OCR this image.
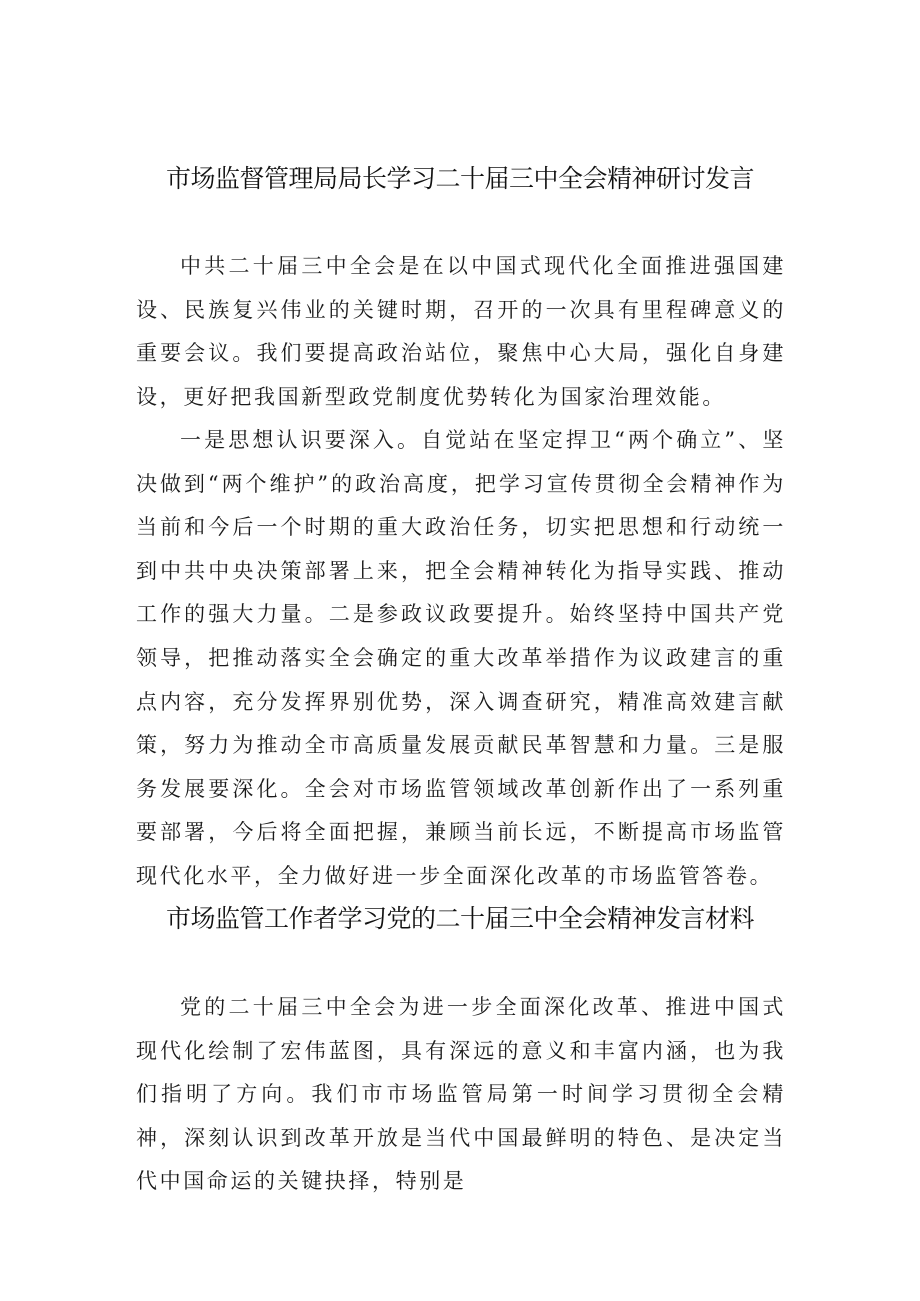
市场监督管理局局长学习二十届三中全会精神研讨发言

中共二十届三中全会是在以中国式现代化全面推进强国建设、民族复兴伟业的关键时期，召开的一次具有里程碑意义的重要会议。我们要提高政治站位，聚焦中心大局，强化自身建设，更好把我国新型政党制度优势转化为国家治理效能。

一是思想认识要深入。自觉站在坚定捍卫“两个确立”、坚决做到“两个维护”的政治高度，把学习宣传贯彻全会精神作为当前和今后一个时期的重大政治任务，切实把思想和行动统一到中共中央决策部署上来，把全会精神转化为指导实践、推动工作的强大力量。二是参政议政要提升。始终坚持中国共产党领导，把推动落实全会确定的重大改革举措作为议政建言的重点内容，充分发挥界别优势，深入调查研究，精准高效建言献策，努力为推动全市高质量发展贡献民革智慧和力量。三是服务发展要深化。全会对市场监管领域改革创新作出了一系列重要部署，今后将全面把握，兼顾当前长远，不断提高市场监管现代化水平，全力做好进一步全面深化改革的市场监管答卷。

市场监管工作者学习党的二十届三中全会精神发言材料

党的二十届三中全会为进一步全面深化改革、推进中国式现代化绘制了宏伟蓝图，具有深远的意义和丰富内涵，也为我们指明了方向。我们市市场监管局第一时间学习贯彻全会精神，深刻认识到改革开放是当代中国最鲜明的特色、是决定当代中国命运的关键抉择，特别是
